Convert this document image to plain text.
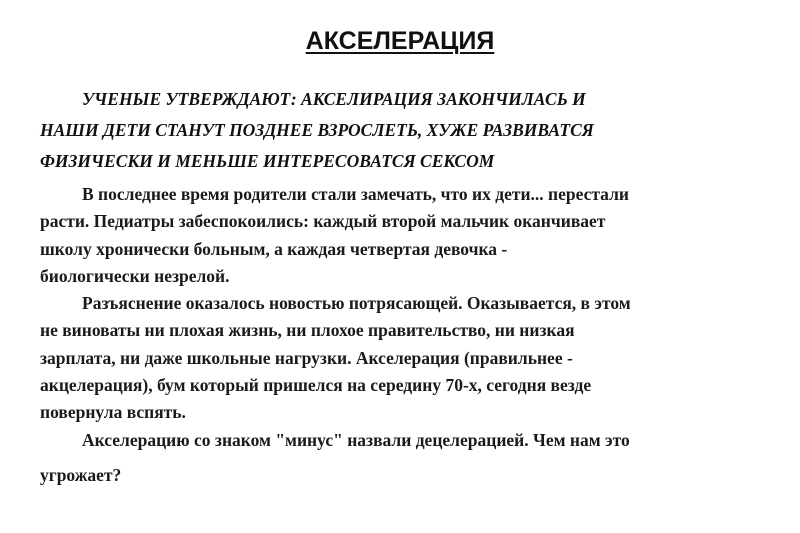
АКСЕЛЕРАЦИЯ
УЧЕНЫЕ УТВЕРЖДАЮТ: АКСЕЛИРАЦИЯ ЗАКОНЧИЛАСЬ И
НАШИ ДЕТИ СТАНУТ ПОЗДНЕЕ ВЗРОСЛЕТЬ, ХУЖЕ РАЗВИВАТСЯ
ФИЗИЧЕСКИ И МЕНЬШЕ ИНТЕРЕСОВАТСЯ СЕКСОМ
В последнее время родители стали замечать, что их дети... перестали
расти. Педиатры забеспокоились: каждый второй мальчик оканчивает
школу хронически больным, а каждая четвертая девочка -
биологически незрелой.
Разъяснение оказалось новостью потрясающей. Оказывается, в этом
не виноваты ни плохая жизнь, ни плохое правительство, ни низкая
зарплата, ни даже школьные нагрузки. Акселерация (правильнее -
акцелерация), бум который пришелся на середину 70-х, сегодня везде
повернула вспять.
Акселерацию со знаком "минус" назвали децелерацией. Чем нам это
угрожает?
